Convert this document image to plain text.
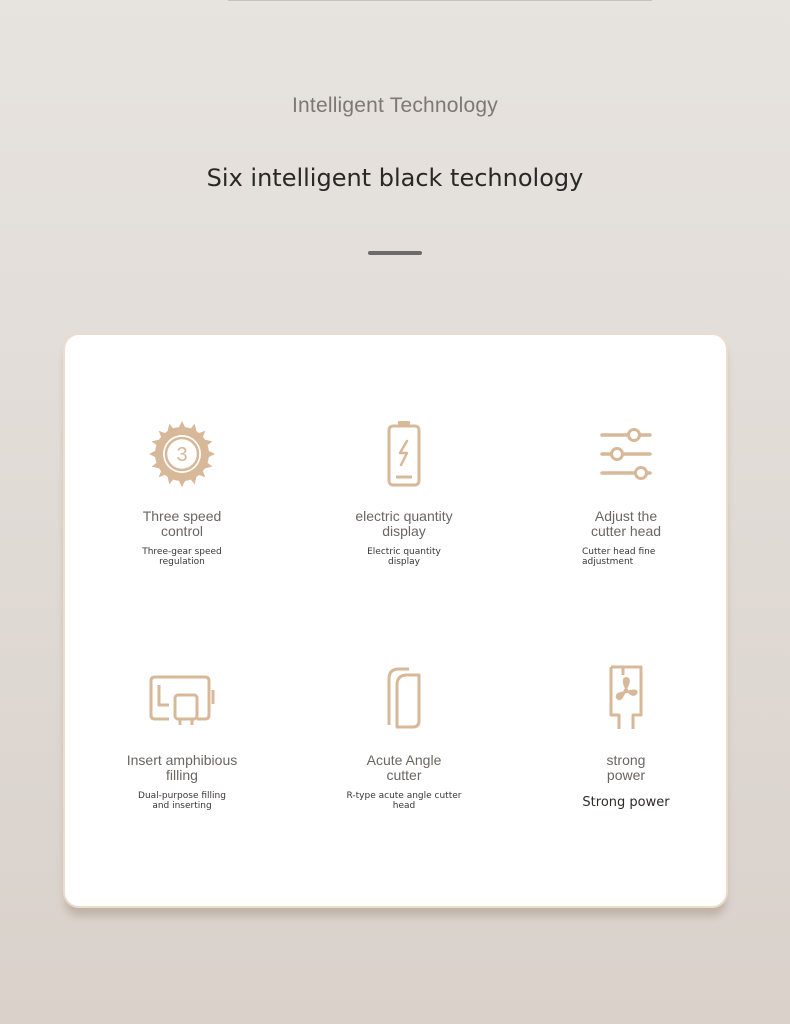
Intelligent Technology
Six intelligent black technology
3
Three speed
control
Three-gear speed
regulation
electric quantity
display
Electric quantity
display
Adjust the
cutter head
Cutter head fine
adjustment
Insert amphibious
filling
Dual-purpose filling
and inserting
Acute Angle
cutter
R-type acute angle cutter
head
strong
power
Strong power
